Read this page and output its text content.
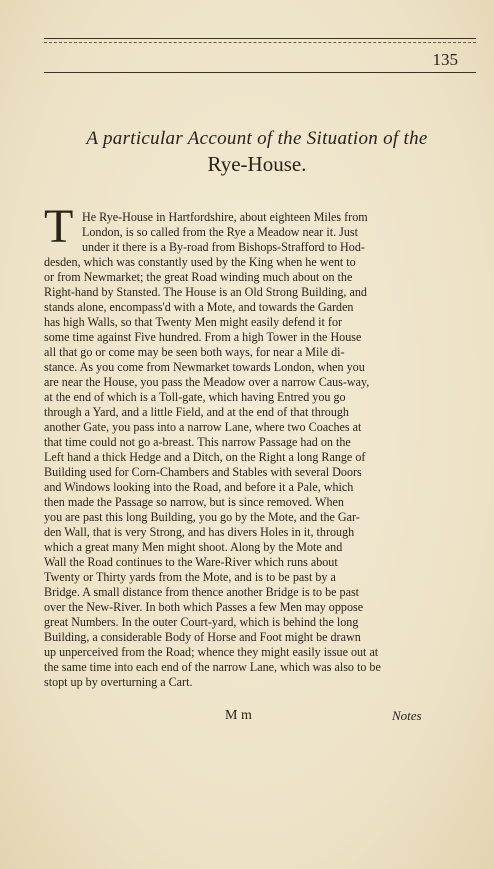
135
A particular Account of the Situation of the
Rye-House.
T He Rye-House in Hartfordshire, about eighteen Miles from
London, is so called from the Rye a Meadow near it. Just
under it there is a By-road from Bishops-Strafford to Hod-
desden, which was constantly used by the King when he went to
or from Newmarket; the great Road winding much about on the
Right-hand by Stansted. The House is an Old Strong Building, and
stands alone, encompass'd with a Mote, and towards the Garden
has high Walls, so that Twenty Men might easily defend it for
some time against Five hundred. From a high Tower in the House
all that go or come may be seen both ways, for near a Mile di-
stance. As you come from Newmarket towards London, when you
are near the House, you pass the Meadow over a narrow Caus-way,
at the end of which is a Toll-gate, which having Entred you go
through a Yard, and a little Field, and at the end of that through
another Gate, you pass into a narrow Lane, where two Coaches at
that time could not go a-breast. This narrow Passage had on the
Left hand a thick Hedge and a Ditch, on the Right a long Range of
Building used for Corn-Chambers and Stables with several Doors
and Windows looking into the Road, and before it a Pale, which
then made the Passage so narrow, but is since removed. When
you are past this long Building, you go by the Mote, and the Gar-
den Wall, that is very Strong, and has divers Holes in it, through
which a great many Men might shoot. Along by the Mote and
Wall the Road continues to the Ware-River which runs about
Twenty or Thirty yards from the Mote, and is to be past by a
Bridge. A small distance from thence another Bridge is to be past
over the New-River. In both which Passes a few Men may oppose
great Numbers. In the outer Court-yard, which is behind the long
Building, a considerable Body of Horse and Foot might be drawn
up unperceived from the Road; whence they might easily issue out at
the same time into each end of the narrow Lane, which was also to be
stopt up by overturning a Cart.
M m	Notes
